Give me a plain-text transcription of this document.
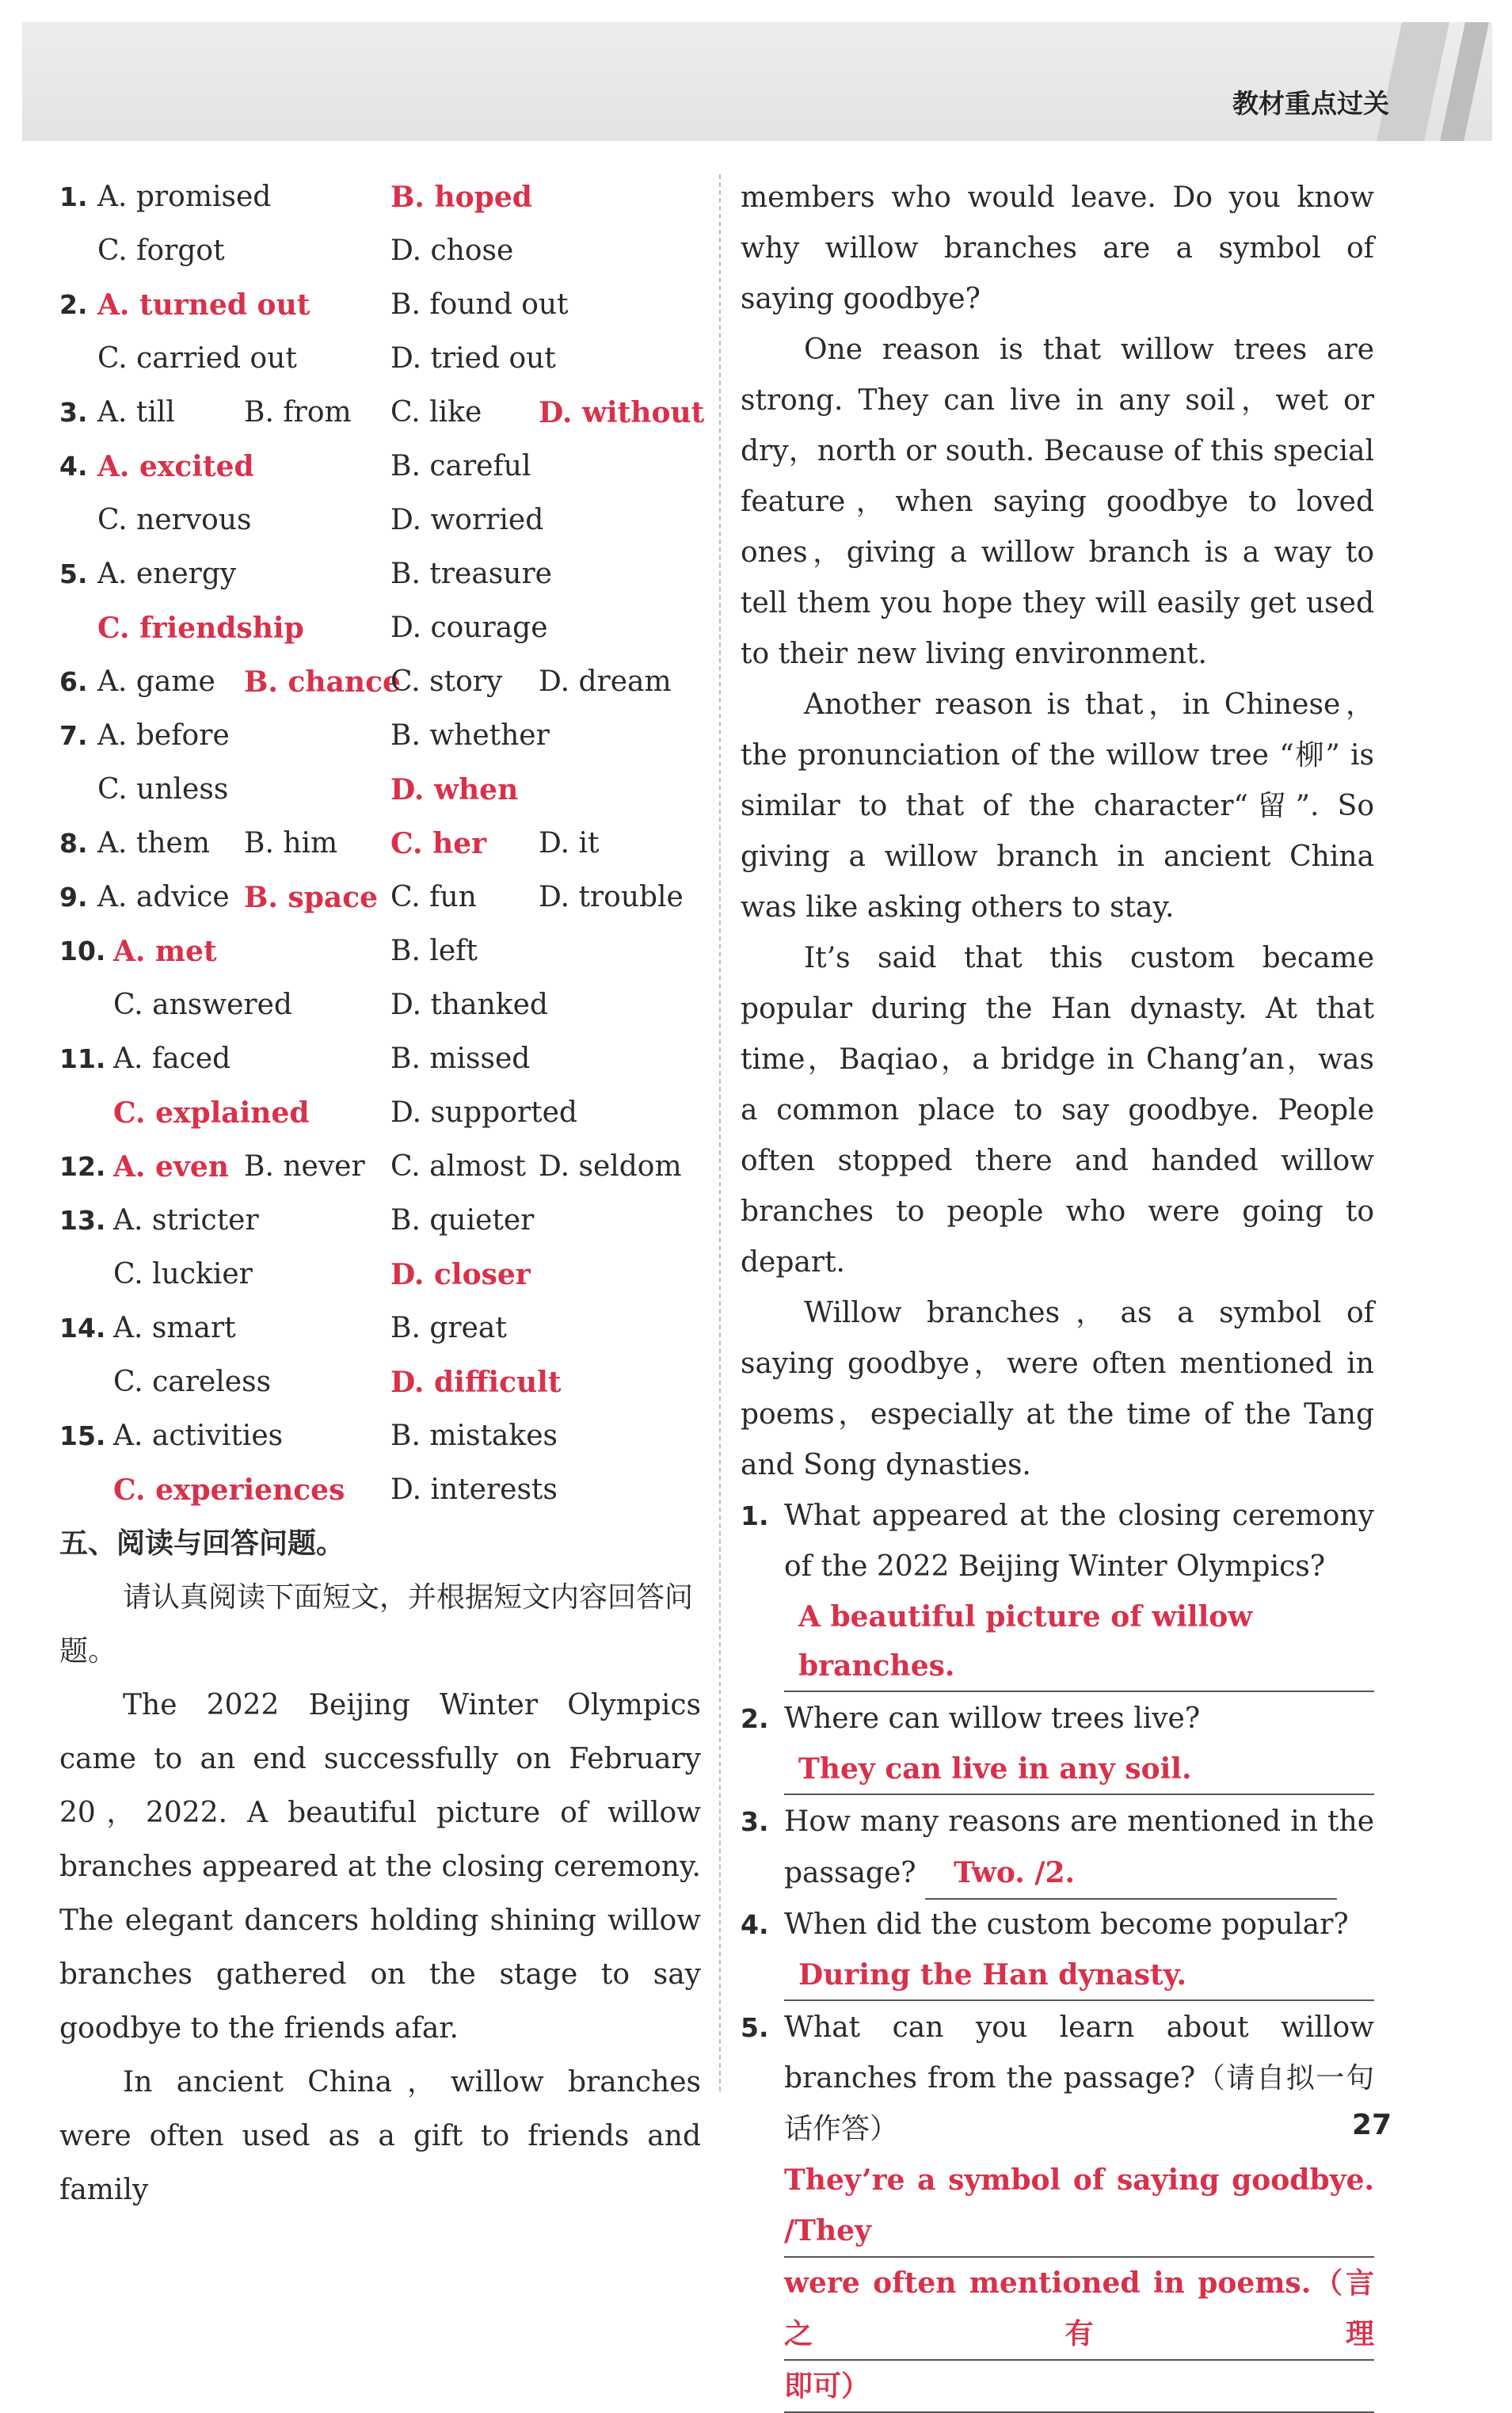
教材重点过关
1. A. promised	B. hoped
C. forgot	D. chose
2. A. turned out	B. found out
C. carried out	D. tried out
3. A. till B. from C. like D. without
4. A. excited	B. careful
C. nervous	D. worried
5. A. energy	B. treasure
C. friendship	D. courage
6. A. game B. chance
C. story D. dream
7. A. before	B. whether
C. unless	D. when
8. A. them B. him C. her D. it
9. A. advice B. space C. fun D. trouble
10. A. met	B. left
C. answered	D. thanked
11. A. faced	B. missed
C. explained	D. supported
12. A. even B. never C. almost D. seldom
13. A. stricter	B. quieter
C. luckier	D. closer
14. A. smart	B. great
C. careless	D. difficult
15. A. activities	B. mistakes
C. experiences D. interests
五、阅读与回答问题。

请认真阅读下面短文，并根据短文内容回答问题。

The 2022 Beijing Winter Olympics came to an end successfully on February 20，2022. A beautiful picture of willow branches appeared at the closing ceremony. The elegant dancers holding shining willow branches gathered on the stage to say goodbye to the friends afar.

In ancient China，willow branches were often used as a gift to friends and family

members who would leave. Do you know why willow branches are a symbol of saying goodbye?

One reason is that willow trees are strong. They can live in any soil，wet or dry，north or south. Because of this special feature，when saying goodbye to loved ones，giving a willow branch is a way to tell them you hope they will easily get used to their new living environment.

Another reason is that，in Chinese，the pronunciation of the willow tree “柳” is similar to that of the character“留”. So giving a willow branch in ancient China was like asking others to stay.

It’s said that this custom became popular during the Han dynasty. At that time，Baqiao，a bridge in Chang’an，was a common place to say goodbye. People often stopped there and handed willow branches to people who were going to depart.

Willow branches，as a symbol of saying goodbye，were often mentioned in poems，especially at the time of the Tang and Song dynasties.

1. What appeared at the closing ceremony of the 2022 Beijing Winter Olympics?

A beautiful picture of willow branches.
2. Where can willow trees live?

They can live in any soil.
3. How many reasons are mentioned in the passage? Two. /2.

4. When did the custom become popular?

During the Han dynasty.
5. What can you learn about willow branches from the passage?（请自拟一句话作答）

They’re a symbol of saying goodbye. /They
were often mentioned in poems.（言之有理
即可）
27
